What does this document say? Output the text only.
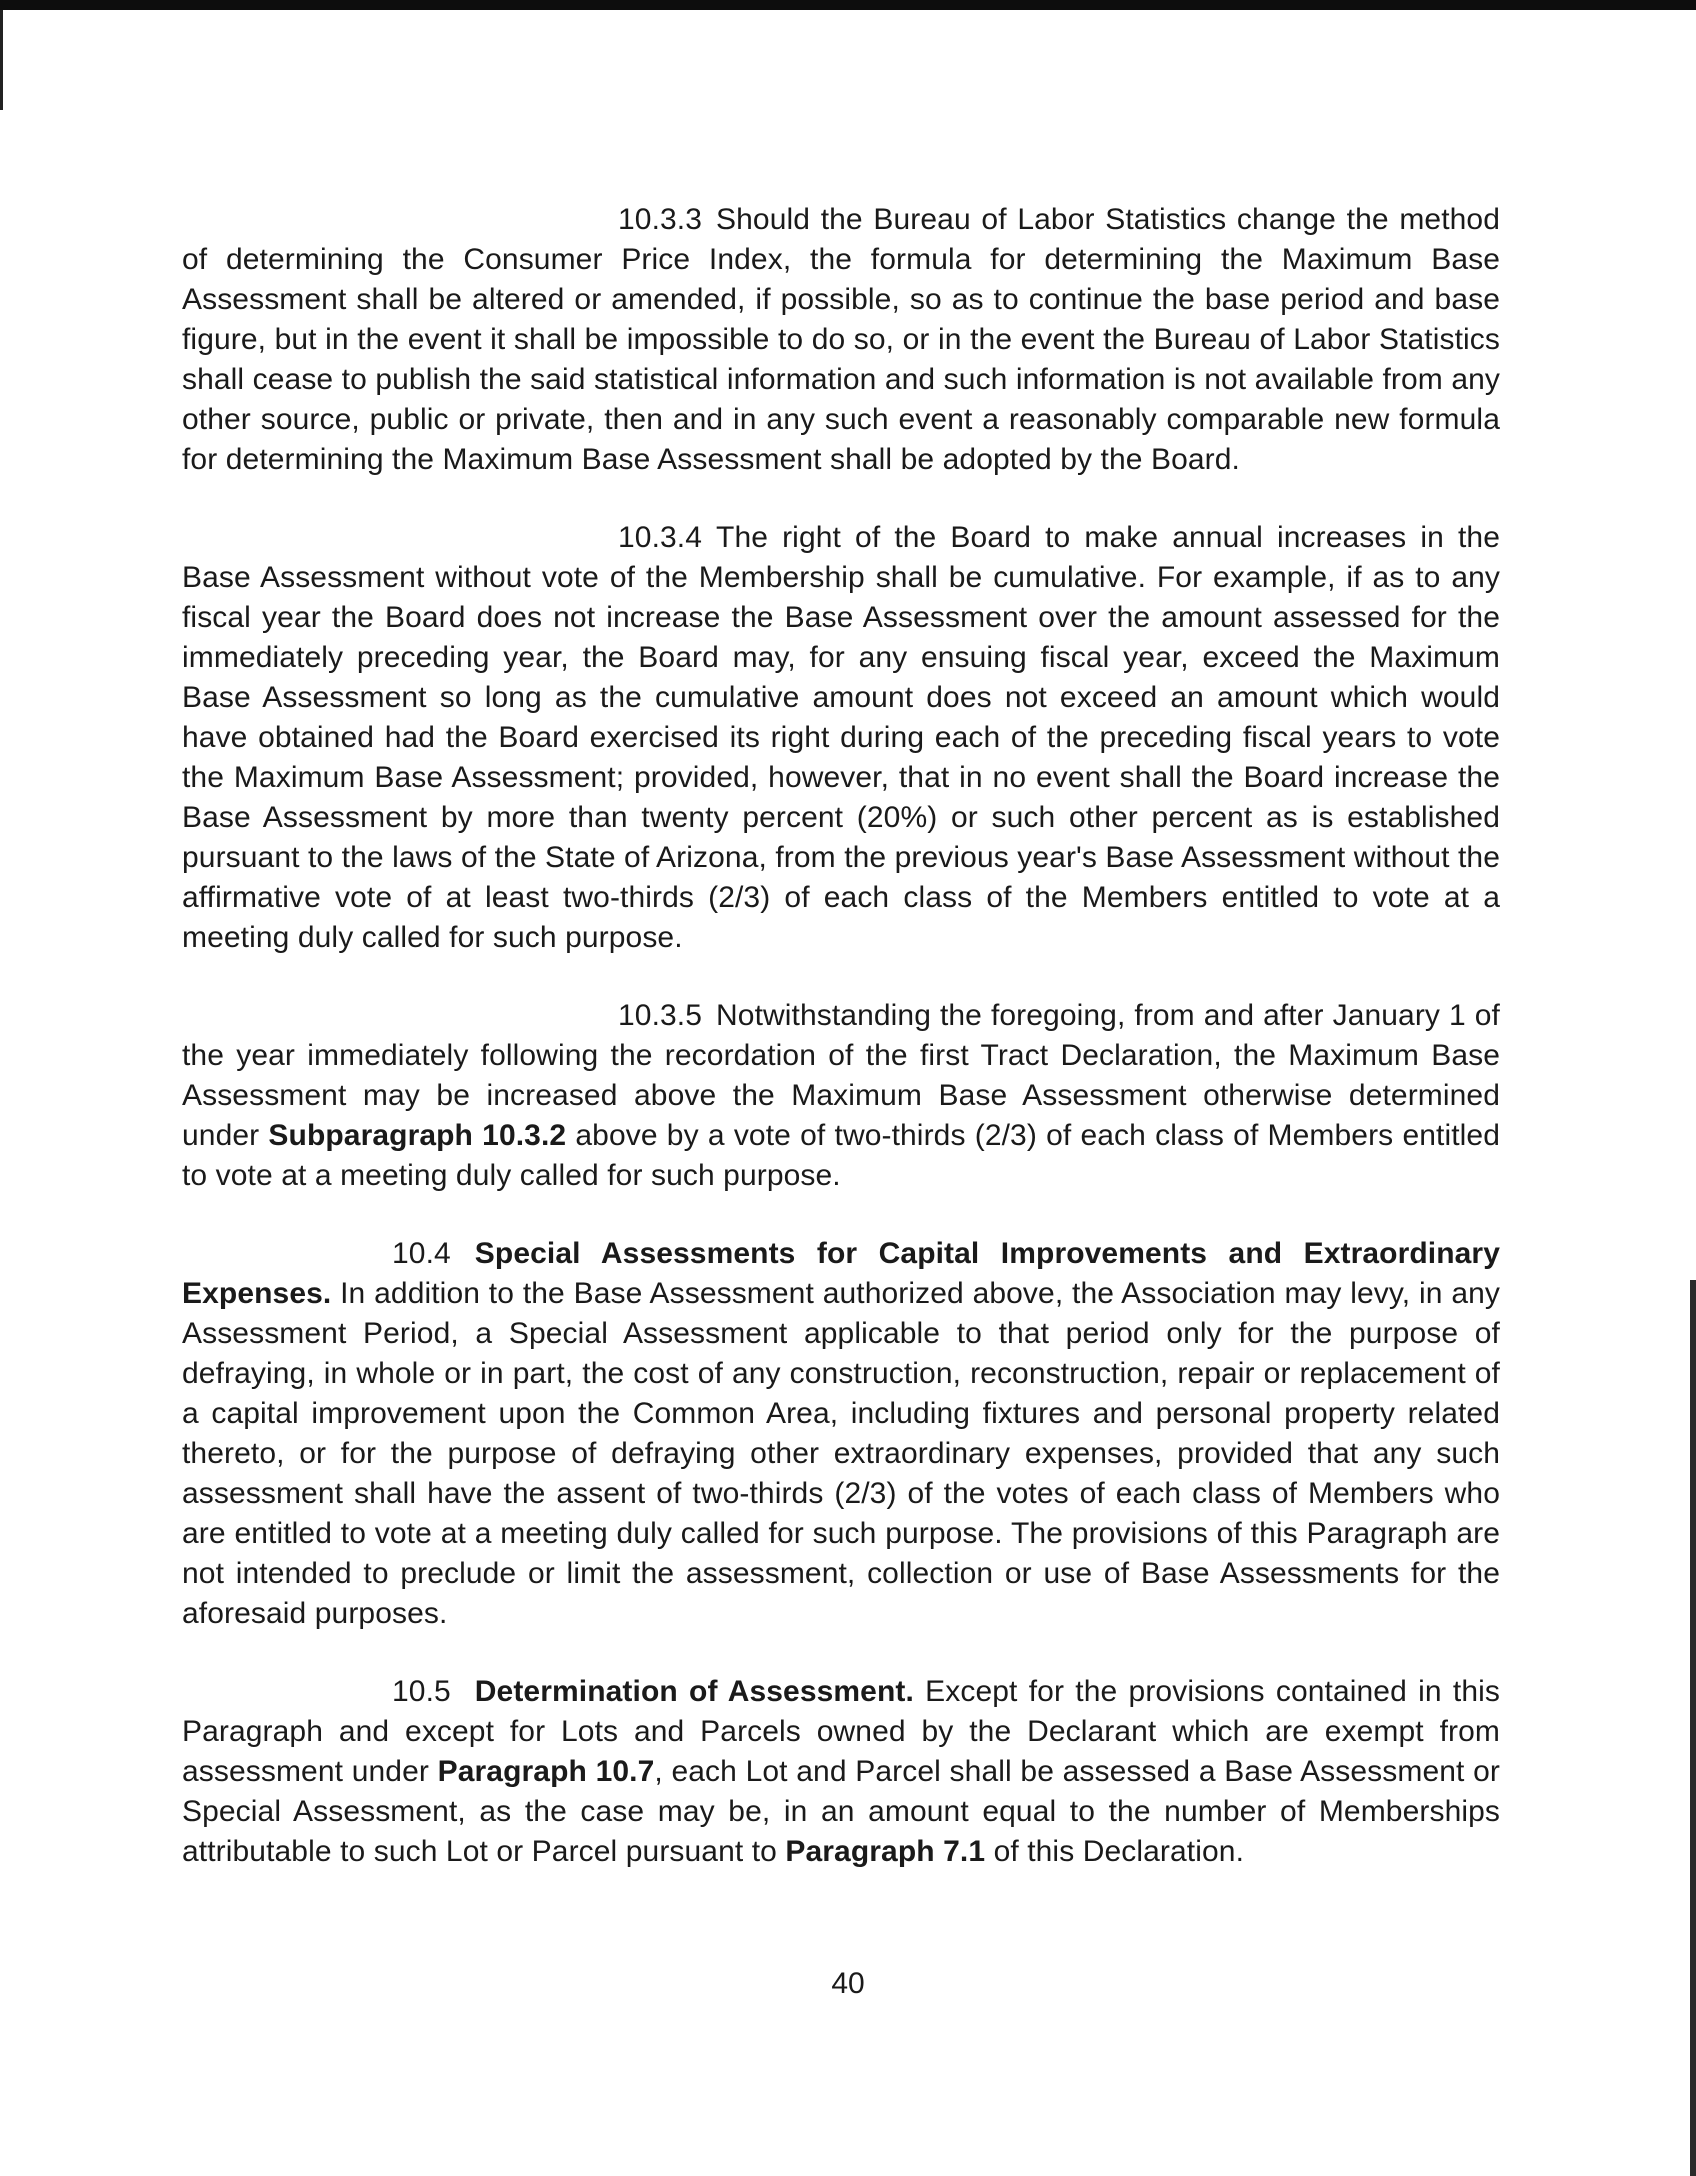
10.3.3 Should the Bureau of Labor Statistics change the method of determining the Consumer Price Index, the formula for determining the Maximum Base Assessment shall be altered or amended, if possible, so as to continue the base period and base figure, but in the event it shall be impossible to do so, or in the event the Bureau of Labor Statistics shall cease to publish the said statistical information and such information is not available from any other source, public or private, then and in any such event a reasonably comparable new formula for determining the Maximum Base Assessment shall be adopted by the Board.

10.3.4 The right of the Board to make annual increases in the Base Assessment without vote of the Membership shall be cumulative. For example, if as to any fiscal year the Board does not increase the Base Assessment over the amount assessed for the immediately preceding year, the Board may, for any ensuing fiscal year, exceed the Maximum Base Assessment so long as the cumulative amount does not exceed an amount which would have obtained had the Board exercised its right during each of the preceding fiscal years to vote the Maximum Base Assessment; provided, however, that in no event shall the Board increase the Base Assessment by more than twenty percent (20%) or such other percent as is established pursuant to the laws of the State of Arizona, from the previous year's Base Assessment without the affirmative vote of at least two-thirds (2/3) of each class of the Members entitled to vote at a meeting duly called for such purpose.

10.3.5 Notwithstanding the foregoing, from and after January 1 of the year immediately following the recordation of the first Tract Declaration, the Maximum Base Assessment may be increased above the Maximum Base Assessment otherwise determined under Subparagraph 10.3.2 above by a vote of two-thirds (2/3) of each class of Members entitled to vote at a meeting duly called for such purpose.

10.4 Special Assessments for Capital Improvements and Extraordinary Expenses. In addition to the Base Assessment authorized above, the Association may levy, in any Assessment Period, a Special Assessment applicable to that period only for the purpose of defraying, in whole or in part, the cost of any construction, reconstruction, repair or replacement of a capital improvement upon the Common Area, including fixtures and personal property related thereto, or for the purpose of defraying other extraordinary expenses, provided that any such assessment shall have the assent of two-thirds (2/3) of the votes of each class of Members who are entitled to vote at a meeting duly called for such purpose. The provisions of this Paragraph are not intended to preclude or limit the assessment, collection or use of Base Assessments for the aforesaid purposes.

10.5 Determination of Assessment. Except for the provisions contained in this Paragraph and except for Lots and Parcels owned by the Declarant which are exempt from assessment under Paragraph 10.7, each Lot and Parcel shall be assessed a Base Assessment or Special Assessment, as the case may be, in an amount equal to the number of Memberships attributable to such Lot or Parcel pursuant to Paragraph 7.1 of this Declaration.

40
